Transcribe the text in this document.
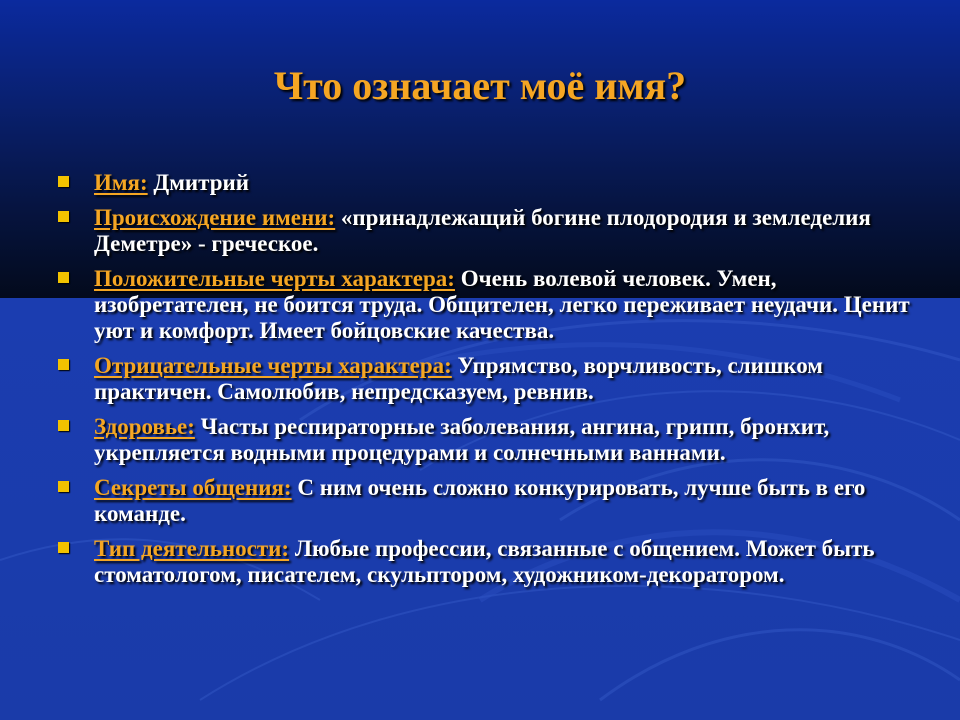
Что означает моё имя?
Имя: Дмитрий
Происхождение имени: «принадлежащий богине плодородия и земледелия Деметре» - греческое.
Положительные черты характера: Очень волевой человек. Умен, изобретателен, не боится труда. Общителен, легко переживает неудачи. Ценит уют и комфорт. Имеет бойцовские качества.
Отрицательные черты характера: Упрямство, ворчливость, слишком практичен. Самолюбив, непредсказуем, ревнив.
Здоровье: Часты респираторные заболевания, ангина, грипп, бронхит, укрепляется водными процедурами и солнечными ваннами.
Секреты общения: С ним очень сложно конкурировать, лучше быть в его команде.
Тип деятельности: Любые профессии, связанные с общением. Может быть стоматологом, писателем, скульптором, художником-декоратором.
